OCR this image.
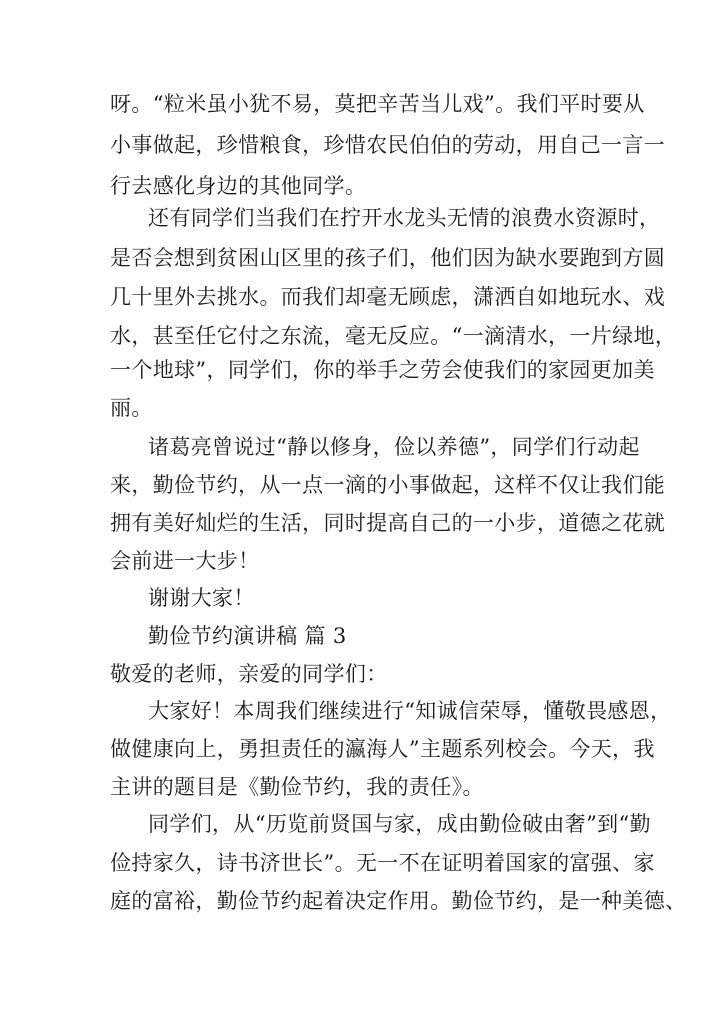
呀。“粒米虽小犹不易，莫把辛苦当儿戏”。我们平时要从
小事做起，珍惜粮食，珍惜农民伯伯的劳动，用自己一言一
行去感化身边的其他同学。
还有同学们当我们在拧开水龙头无情的浪费水资源时，
是否会想到贫困山区里的孩子们，他们因为缺水要跑到方圆
几十里外去挑水。而我们却毫无顾虑，潇洒自如地玩水、戏
水，甚至任它付之东流，毫无反应。“一滴清水，一片绿地，
一个地球”，同学们，你的举手之劳会使我们的家园更加美
丽。
诸葛亮曾说过“静以修身，俭以养德”，同学们行动起
来，勤俭节约，从一点一滴的小事做起，这样不仅让我们能
拥有美好灿烂的生活，同时提高自己的一小步，道德之花就
会前进一大步！
谢谢大家！
勤俭节约演讲稿 篇 3
敬爱的老师，亲爱的同学们：
大家好！本周我们继续进行“知诚信荣辱，懂敬畏感恩，
做健康向上，勇担责任的瀛海人”主题系列校会。今天，我
主讲的题目是《勤俭节约，我的责任》。
同学们，从“历览前贤国与家，成由勤俭破由奢”到“勤
俭持家久，诗书济世长”。无一不在证明着国家的富强、家
庭的富裕，勤俭节约起着决定作用。勤俭节约，是一种美德、
